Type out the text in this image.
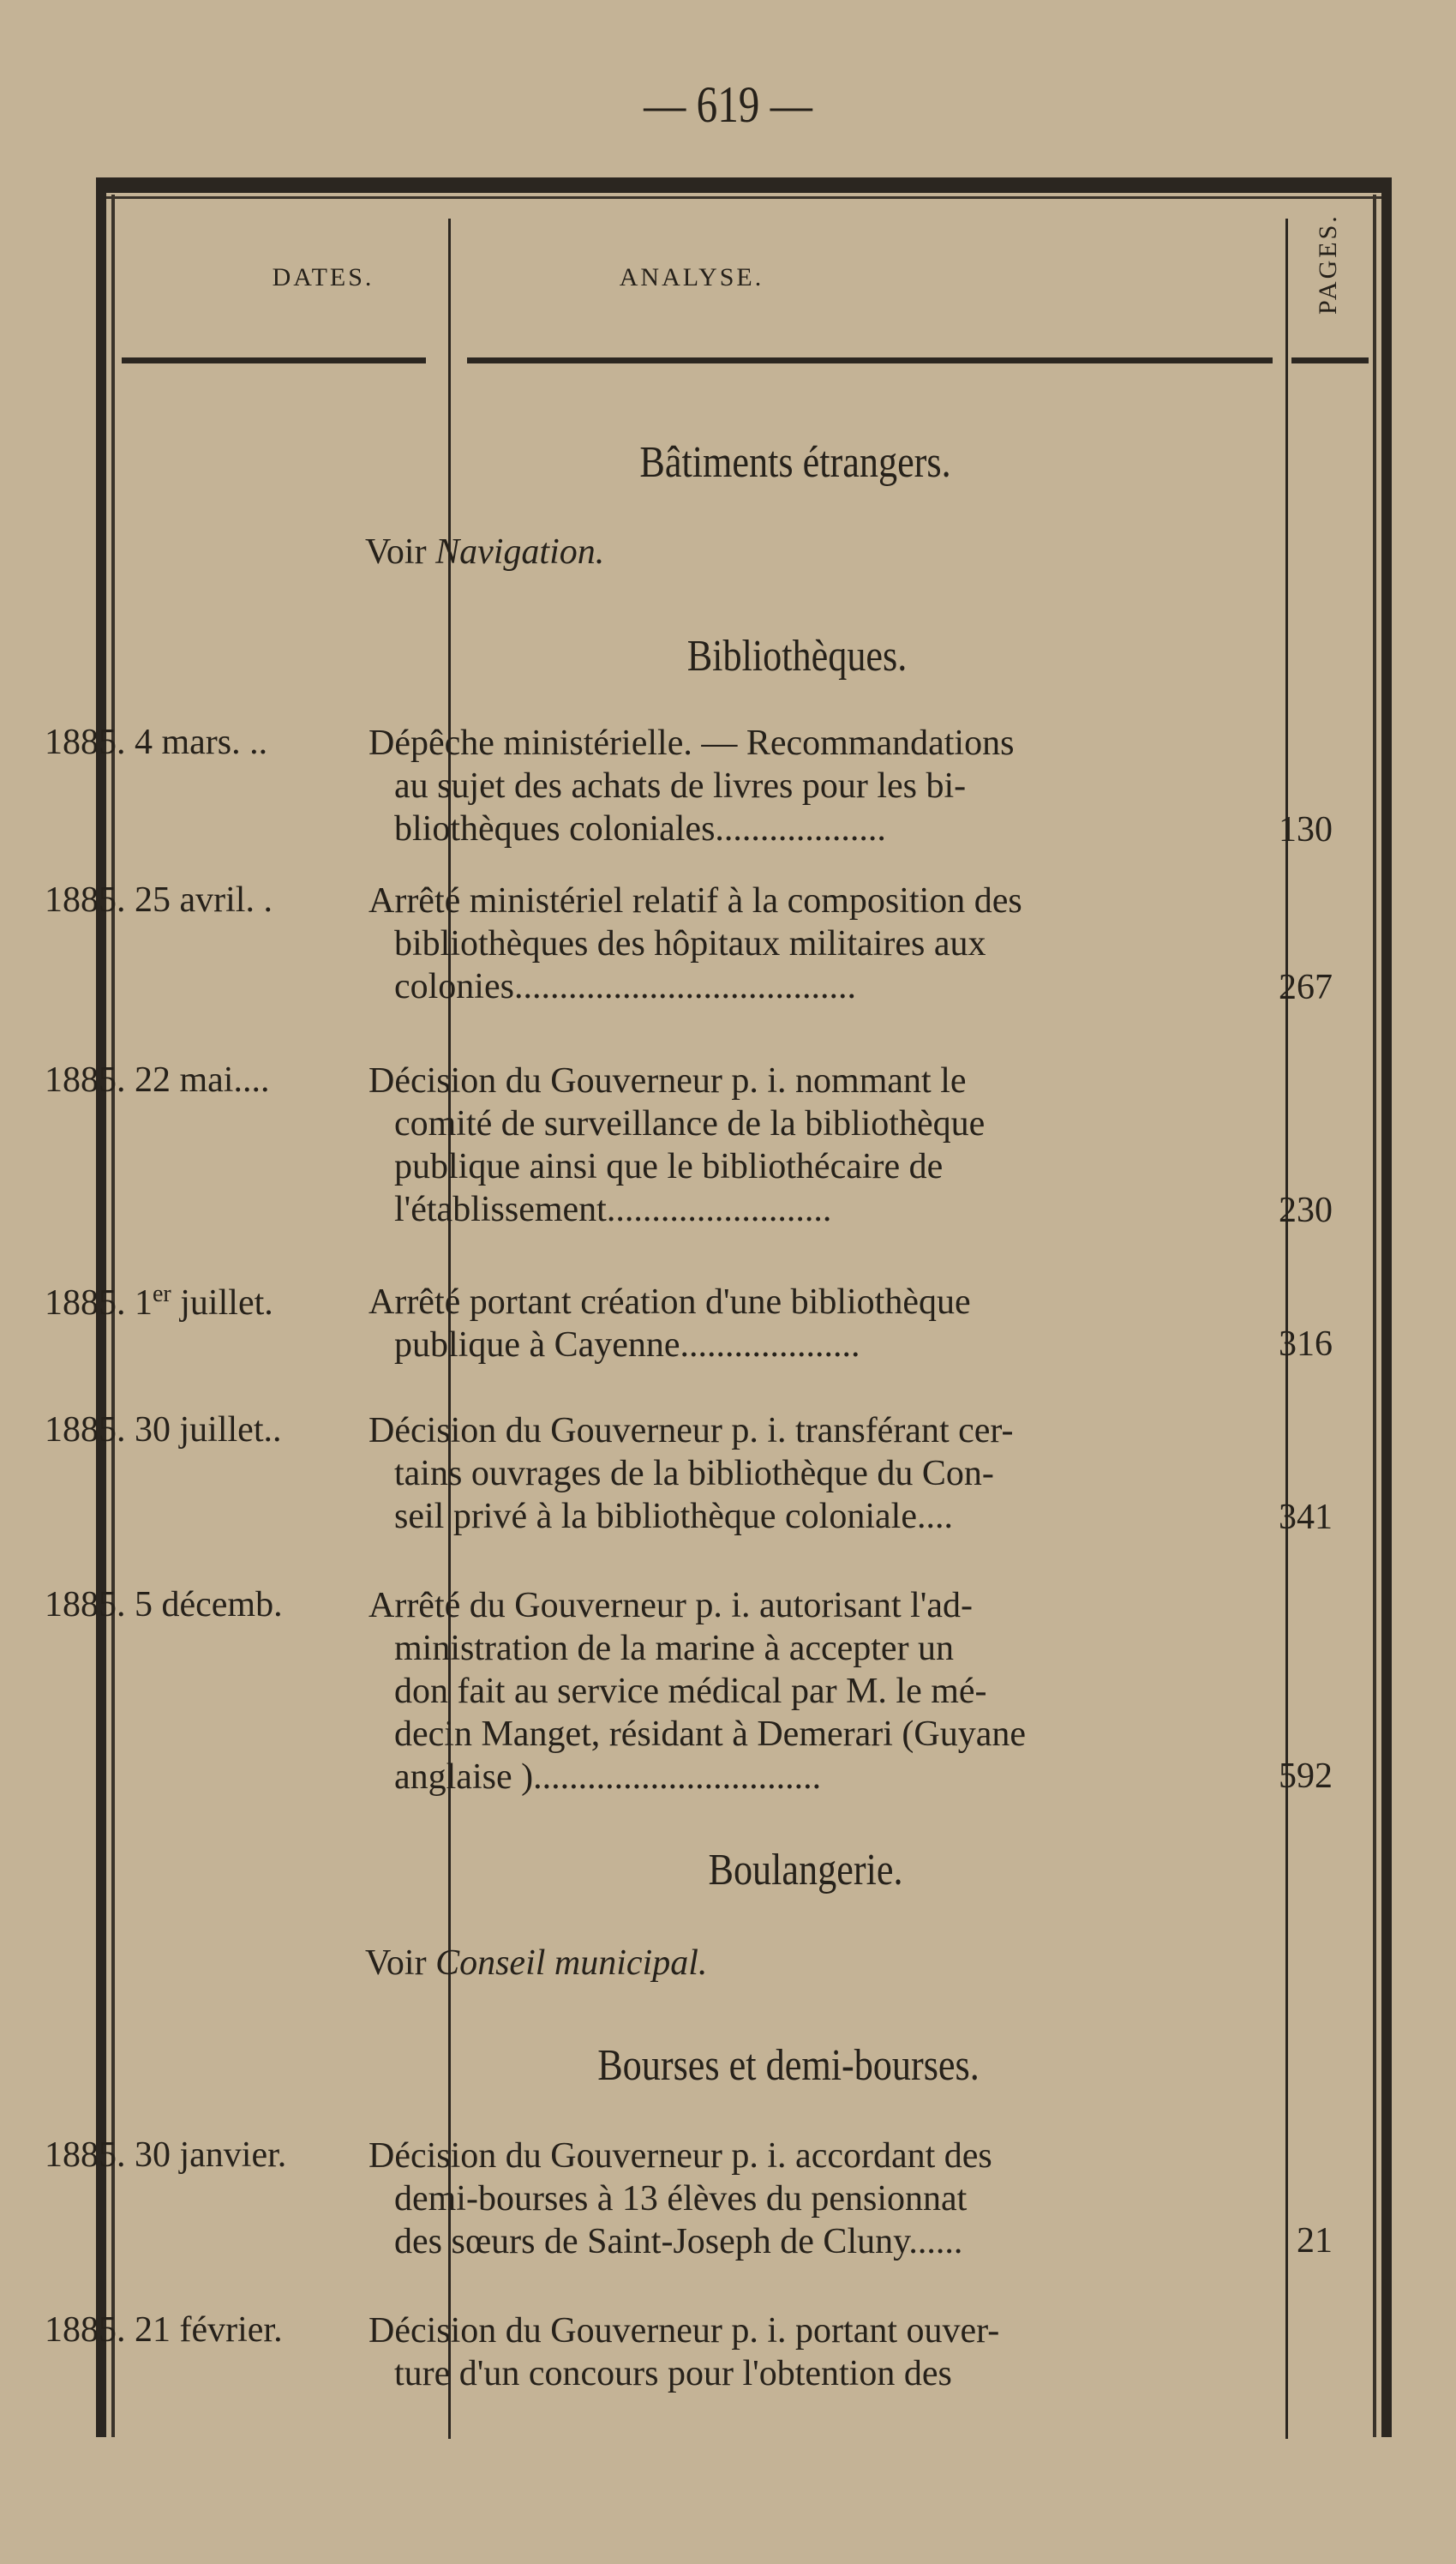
— 619 —
DATES.	ANALYSE.	PAGES.
Bâtiments étrangers.
Voir Navigation.
Bibliothèques.
1885. 4 mars. ..	Dépêche ministérielle. — Recommandations
au sujet des achats de livres pour les bi-
bliothèques coloniales...................	130
1885. 25 avril. .	Arrêté ministériel relatif à la composition des
bibliothèques des hôpitaux militaires aux
colonies......................................	267
1885. 22 mai....	Décision du Gouverneur p. i. nommant le
comité de surveillance de la bibliothèque
publique ainsi que le bibliothécaire de
l'établissement.........................	230
1885. 1er juillet.	Arrêté portant création d'une bibliothèque
publique à Cayenne....................	316
1885. 30 juillet..	Décision du Gouverneur p. i. transférant cer-
tains ouvrages de la bibliothèque du Con-
seil privé à la bibliothèque coloniale....	341
1885. 5 décemb.	Arrêté du Gouverneur p. i. autorisant l'ad-
ministration de la marine à accepter un
don fait au service médical par M. le mé-
decin Manget, résidant à Demerari (Guyane
anglaise )................................	592
Boulangerie.
Voir Conseil municipal.
Bourses et demi-bourses.
1885. 30 janvier.	Décision du Gouverneur p. i. accordant des
demi-bourses à 13 élèves du pensionnat
des sœurs de Saint-Joseph de Cluny......	21
1885. 21 février.	Décision du Gouverneur p. i. portant ouver-
ture d'un concours pour l'obtention des
